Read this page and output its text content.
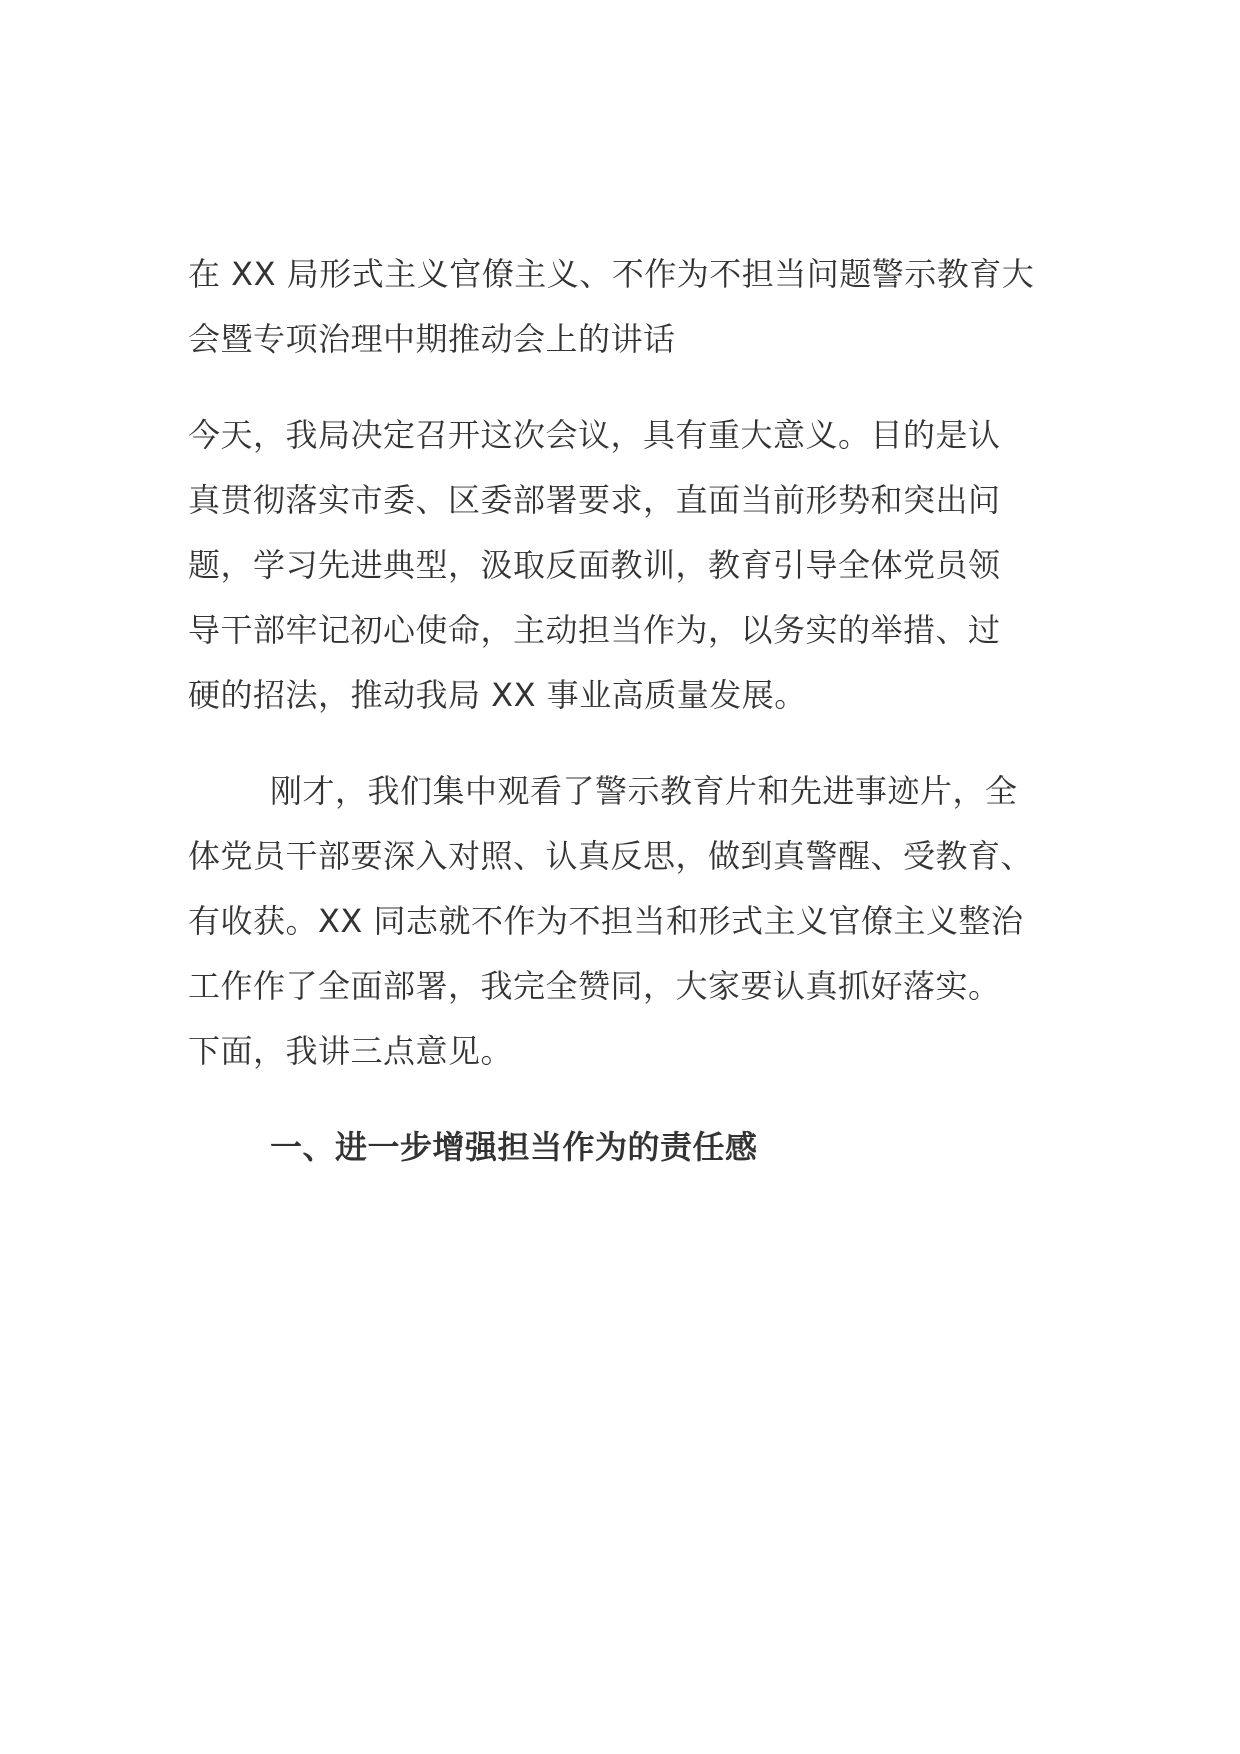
在 XX 局形式主义官僚主义、不作为不担当问题警示教育大
会暨专项治理中期推动会上的讲话
今天，我局决定召开这次会议，具有重大意义。目的是认
真贯彻落实市委、区委部署要求，直面当前形势和突出问
题，学习先进典型，汲取反面教训，教育引导全体党员领
导干部牢记初心使命，主动担当作为，以务实的举措、过
硬的招法，推动我局 XX 事业高质量发展。
刚才，我们集中观看了警示教育片和先进事迹片，全
体党员干部要深入对照、认真反思，做到真警醒、受教育、
有收获。XX 同志就不作为不担当和形式主义官僚主义整治
工作作了全面部署，我完全赞同，大家要认真抓好落实。
下面，我讲三点意见。
一、进一步增强担当作为的责任感
